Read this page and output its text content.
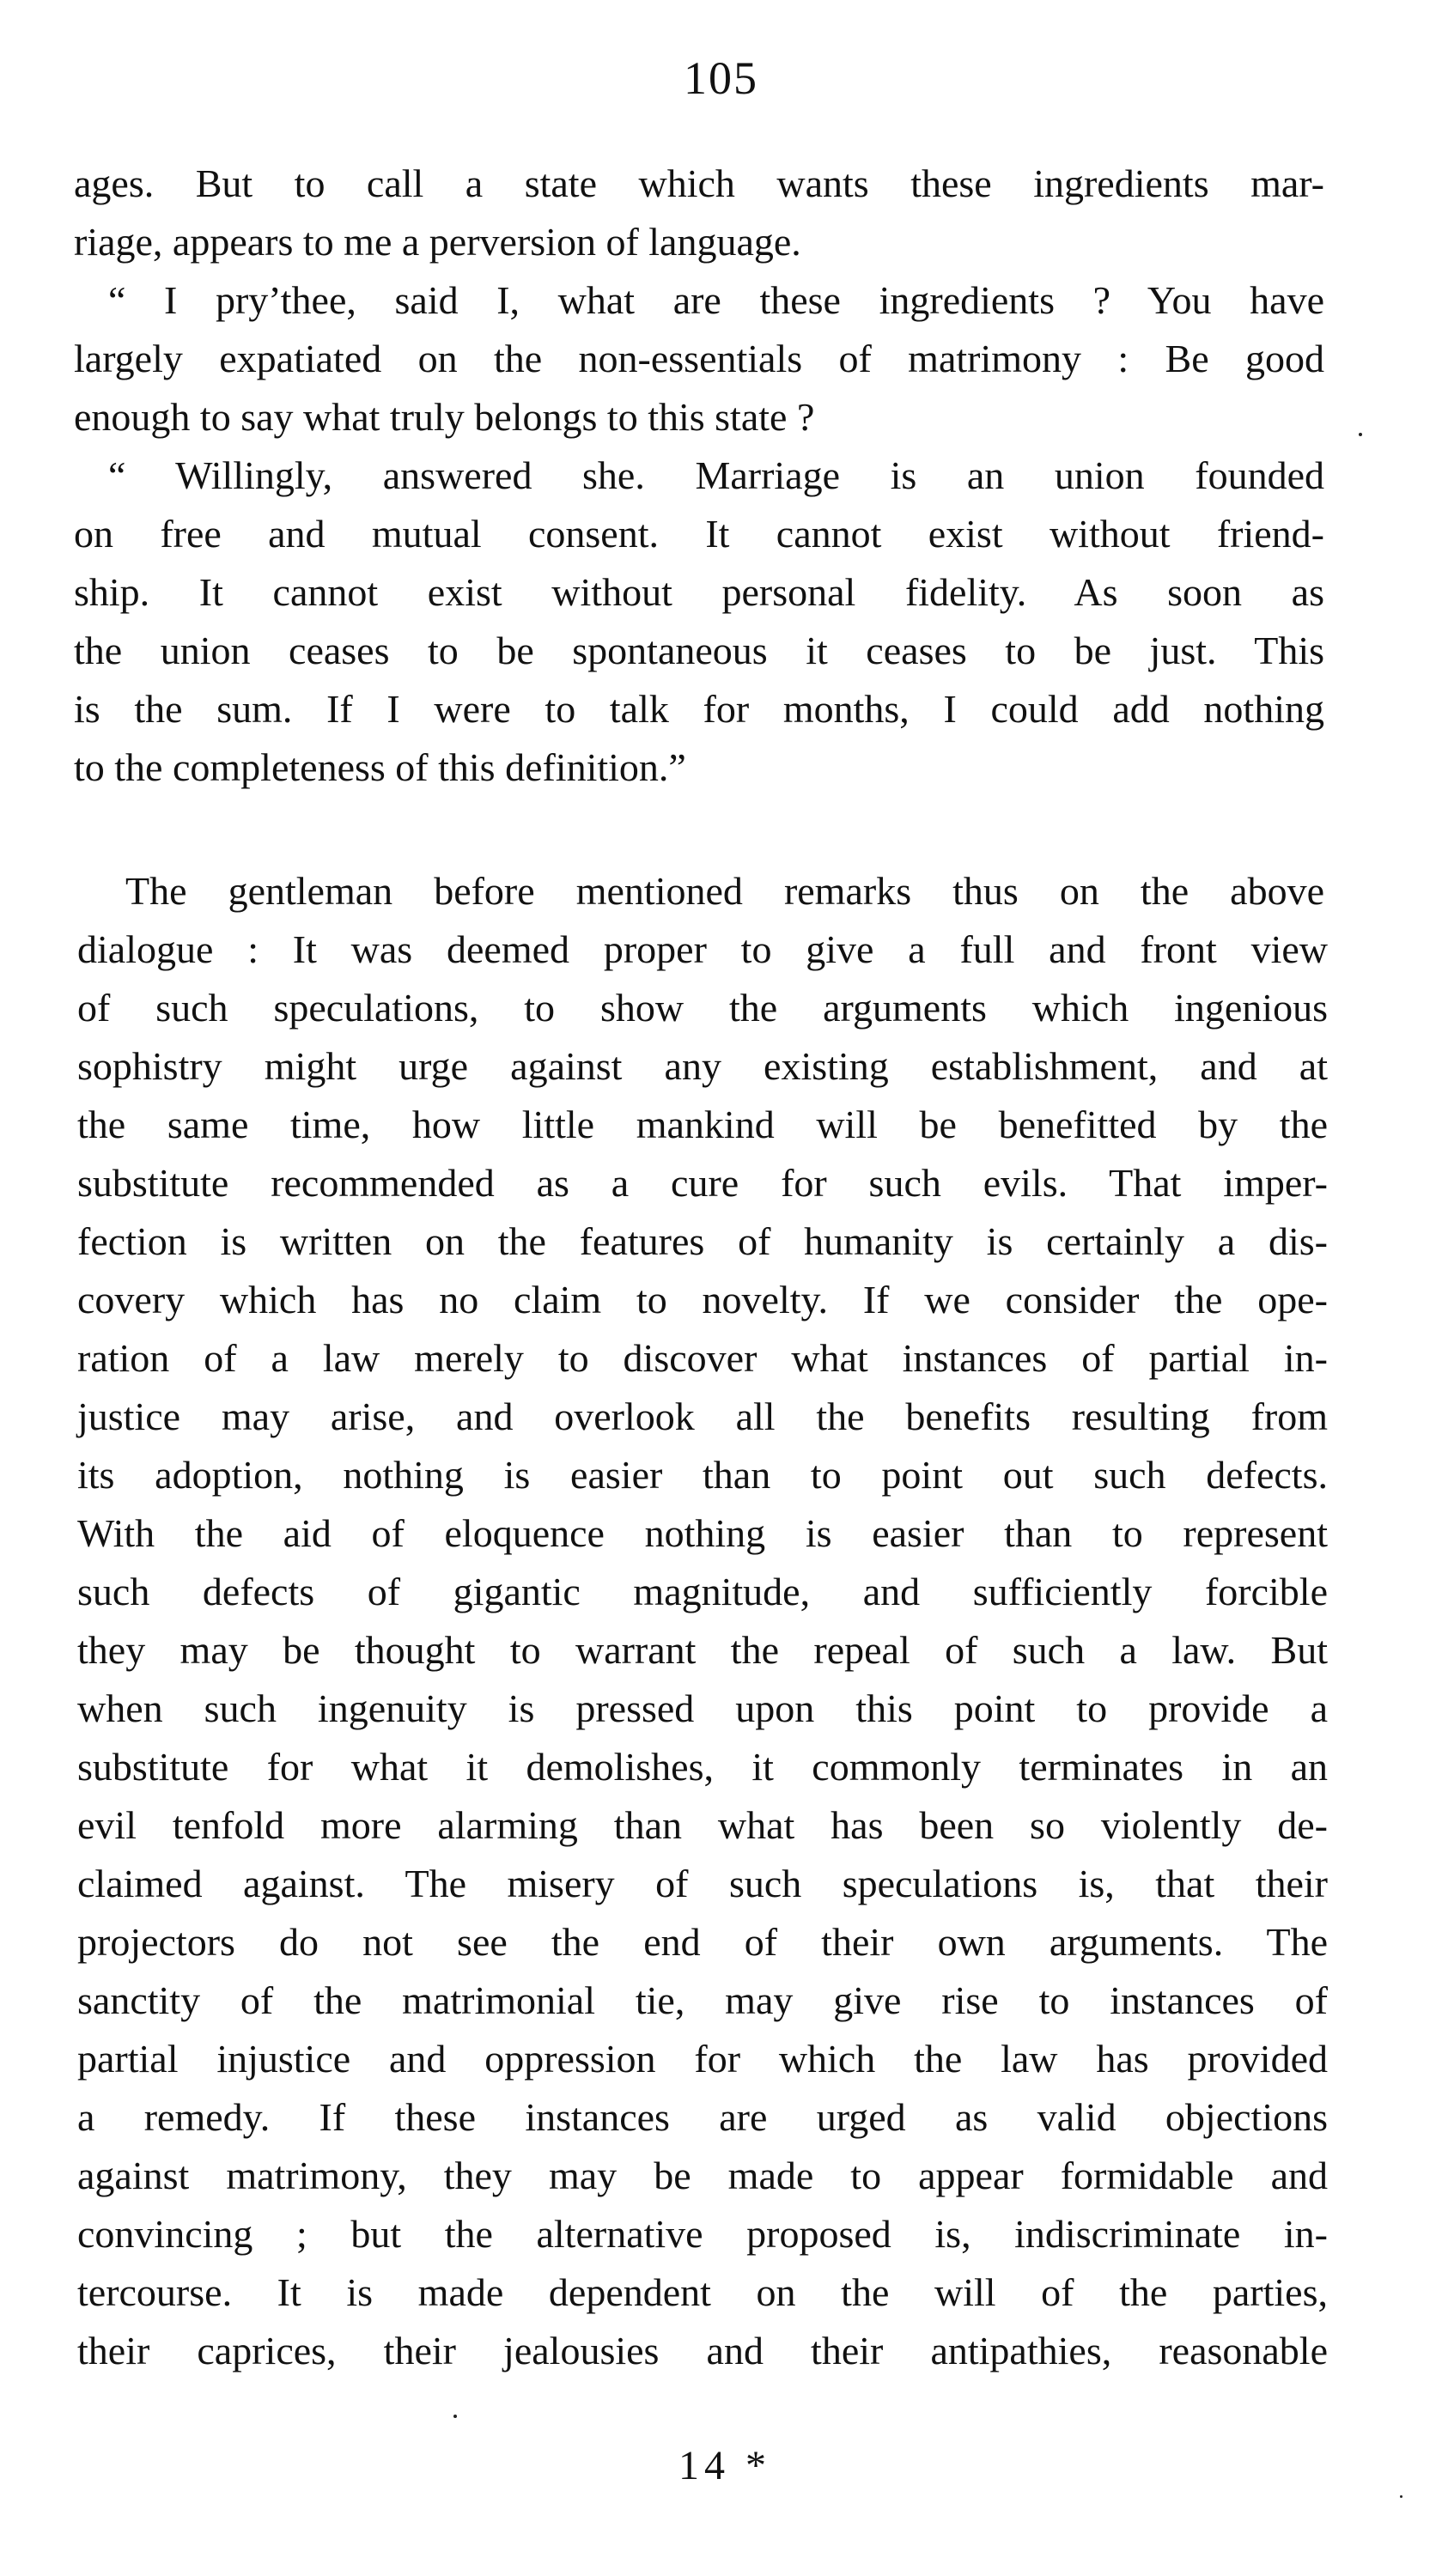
105
ages. But to call a state which wants these ingredients mar-
riage, appears to me a perversion of language.
“ I pry’thee, said I, what are these ingredients ? You have
largely expatiated on the non-essentials of matrimony : Be good
enough to say what truly belongs to this state ?
“ Willingly, answered she. Marriage is an union founded
on free and mutual consent. It cannot exist without friend-
ship. It cannot exist without personal fidelity. As soon as
the union ceases to be spontaneous it ceases to be just. This
is the sum. If I were to talk for months, I could add nothing
to the completeness of this definition.”
The gentleman before mentioned remarks thus on the above
dialogue : It was deemed proper to give a full and front view
of such speculations, to show the arguments which ingenious
sophistry might urge against any existing establishment, and at
the same time, how little mankind will be benefitted by the
substitute recommended as a cure for such evils. That imper-
fection is written on the features of humanity is certainly a dis-
covery which has no claim to novelty. If we consider the ope-
ration of a law merely to discover what instances of partial in-
justice may arise, and overlook all the benefits resulting from
its adoption, nothing is easier than to point out such defects.
With the aid of eloquence nothing is easier than to represent
such defects of gigantic magnitude, and sufficiently forcible
they may be thought to warrant the repeal of such a law. But
when such ingenuity is pressed upon this point to provide a
substitute for what it demolishes, it commonly terminates in an
evil tenfold more alarming than what has been so violently de-
claimed against. The misery of such speculations is, that their
projectors do not see the end of their own arguments. The
sanctity of the matrimonial tie, may give rise to instances of
partial injustice and oppression for which the law has provided
a remedy. If these instances are urged as valid objections
against matrimony, they may be made to appear formidable and
convincing ; but the alternative proposed is, indiscriminate in-
tercourse. It is made dependent on the will of the parties,
their caprices, their jealousies and their antipathies, reasonable
14 *
